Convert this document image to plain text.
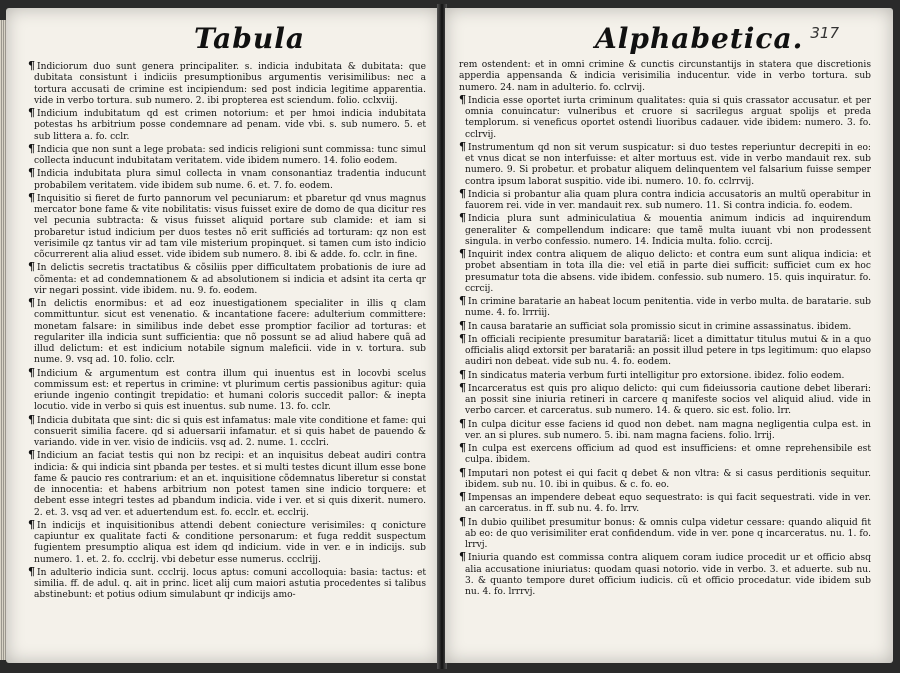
Tabula

¶ Indiciorum duo sunt genera principaliter. s. indicia indubitata & dubitata: que dubitata consistunt i indiciis presumptionibus argumentis verisimilibus: nec a tortura accusati de crimine est incipiendum: sed post indicia legitime apparentia. vide in verbo tortura. sub numero. 2. ibi propterea est sciendum. folio. cclxviij.

¶ Indicium indubitatum qd est crimen notorium: et per hmoi indicia indubitata potestas hs arbitrium posse condemnare ad penam. vide vbi. s. sub numero. 5. et sub littera a. fo. cclr.

¶ Indicia que non sunt a lege probata: sed indicis religioni sunt commissa: tunc simul collecta inducunt indubitatam veritatem. vide ibidem numero. 14. folio eodem.

¶ Indicia indubitata plura simul collecta in vnam consonantiaz tradentia inducunt probabilem veritatem. vide ibidem sub nume. 6. et. 7. fo. eodem.

¶ Inquisitio si fieret de furto pannorum vel pecuniarum: et pbaretur qd vnus magnus mercator bone fame & vite nobilitatis: visus fuisset exire de domo de qua dicitur res vel pecunia subtracta: & visus fuisset aliquid portare sub clamide: et iam si probaretur istud indicium per duos testes nõ erit sufficiés ad torturam: qz non est verisimile qz tantus vir ad tam vile misterium propinquet. si tamen cum isto indicio cõcurrerent alia aliud esset. vide ibidem sub numero. 8. ibi & adde. fo. cclr. in fine.

¶ In delictis secretis tractatibus & cõsiliis pper difficultatem probationis de iure ad cõmenta: et ad condemnationem & ad absolutionem si indicia et adsint ita certa qr vir negari possint. vide ibidem. nu. 9. fo. eodem.

¶ In delictis enormibus: et ad eoz inuestigationem specialiter in illis q clam committuntur. sicut est venenatio. & incantatione facere: adulterium committere: monetam falsare: in similibus inde debet esse promptior facilior ad torturas: et regulariter illa indicia sunt sufficientia: que nõ possunt se ad aliud habere quã ad illud delictum: et est indicium notabile signum maleficii. vide in v. tortura. sub nume. 9. vsq ad. 10. folio. cclr.

¶ Indicium & argumentum est contra illum qui inuentus est in locovbi scelus commissum est: et repertus in crimine: vt plurimum certis passionibus agitur: quia eriunde ingenio contingit trepidatio: et humani coloris succedit pallor: & inepta locutio. vide in verbo si quis est inuentus. sub nume. 13. fo. cclr.

¶ Indicia dubitata que sint: dic si quis est infamatus: male vite conditione et fame: qui consuerit similia facere. qd si aduersarii infamatur. et si quis habet de pauendo & variando. vide in ver. visio de indiciis. vsq ad. 2. nume. 1. ccclri.

¶ Indicium an faciat testis qui non bz recipi: et an inquisitus debeat audiri contra indicia: & qui indicia sint pbanda per testes. et si multi testes dicunt illum esse bone fame & paucio res contrarium: et an et. inquisitione cõdemnatus liberetur si constat de innocentia: et habens arbitrium non potest tamen sine indicio torquere: et debent esse integri testes ad pbandum indicia. vide i ver. et si quis dixerit. numero. 2. et. 3. vsq ad ver. et aduertendum est. fo. ecclr. et. ecclrij.

¶ In indicijs et inquisitionibus attendi debent coniecture verisimiles: q conicture capiuntur ex qualitate facti & conditione personarum: et fuga reddit suspectum fugientem presumptio aliqua est idem qd indicium. vide in ver. e in indicijs. sub numero. 1. et. 2. fo. ccclrij. vbi debetur esse numerus. ccclrijj.

¶ In adulterio indicia sunt. ccclrij. locus aptus: comuni accolloquia: basia: tactus: et similia. ff. de adul. q. ait in princ. licet alij cum maiori astutia procedentes si talibus abstinebunt: et potius odium simulabunt qr indicijs amo-

Alphabetica. 317

rem ostendent: et in omni crimine & cunctis circunstantijs in statera que discretionis apperdia appensanda & indicia verisimilia inducentur. vide in verbo tortura. sub numero. 24. nam in adulterio. fo. cclrvij.

¶ Indicia esse oportet iurta criminum qualitates: quia si quis crassator accusatur. et per omnia conuincatur: vulneribus et cruore si sacrilegus arguat spolijs et preda templorum. si veneficus oportet ostendi liuoribus cadauer. vide ibidem: numero. 3. fo. cclrvij.

¶ Instrumentum qd non sit verum suspicatur: si duo testes reperiuntur decrepiti in eo: et vnus dicat se non interfuisse: et alter mortuus est. vide in verbo mandauit rex. sub numero. 9. Si probetur. et probatur aliquem delinquentem vel falsarium fuisse semper contra ipsum laborat suspitio. vide ibi. numero. 10. fo. cclrrvij.

¶ Indicia si probantur alia quam plura contra indicia accusatoris an multũ operabitur in fauorem rei. vide in ver. mandauit rex. sub numero. 11. Si contra indicia. fo. eodem.

¶ Indicia plura sunt adminiculatiua & mouentia animum indicis ad inquirendum generaliter & compellendum indicare: que tamẽ multa iuuant vbi non prodessent singula. in verbo confessio. numero. 14. Indicia multa. folio. ccrcij.

¶ Inquirit index contra aliquem de aliquo delicto: et contra eum sunt aliqua indicia: et probet absentiam in tota illa die: vel etiã in parte diei sufficit: sufficiet cum ex hoc presumatur tota die absens. vide ibidem. confessio. sub numero. 15. quis inquiratur. fo. ccrcij.

¶ In crimine baratarie an habeat locum penitentia. vide in verbo multa. de baratarie. sub nume. 4. fo. lrrriij.

¶ In causa baratarie an sufficiat sola promissio sicut in crimine assassinatus. ibidem.

¶ In officiali recipiente presumitur baratariã: licet a dimittatur titulus mutui & in a quo officialis aliqd extorsit per baratariã: an possit illud petere in tps legitimum: quo elapso audiri non debeat. vide sub nu. 4. fo. eodem.

¶ In sindicatus materia verbum furti intelligitur pro extorsione. ibidez. folio eodem.

¶ Incarceratus est quis pro aliquo delicto: qui cum fideiussoria cautione debet liberari: an possit sine iniuria retineri in carcere q manifeste socios vel aliquid aliud. vide in verbo carcer. et carceratus. sub numero. 14. & quero. sic est. folio. lrr.

¶ In culpa dicitur esse faciens id quod non debet. nam magna negligentia culpa est. in ver. an si plures. sub numero. 5. ibi. nam magna faciens. folio. lrrij.

¶ In culpa est exercens officium ad quod est insufficiens: et omne reprehensibile est culpa. ibidem.

¶ Imputari non potest ei qui facit q debet & non vltra: & si casus perditionis sequitur. ibidem. sub nu. 10. ibi in quibus. & c. fo. eo.

¶ Impensas an impendere debeat equo sequestrato: is qui facit sequestrati. vide in ver. an carceratus. in ff. sub nu. 4. fo. lrrv.

¶ In dubio quilibet presumitur bonus: & omnis culpa videtur cessare: quando aliquid fit ab eo: de quo verisimiliter erat confidendum. vide in ver. pone q incarceratus. nu. 1. fo. lrrvj.

¶ Iniuria quando est commissa contra aliquem coram iudice procedit ur et officio absq alia accusatione iniuriatus: quodam quasi notorio. vide in verbo. 3. et aduerte. sub nu. 3. & quanto tempore duret officium iudicis. cũ et officio procedatur. vide ibidem sub nu. 4. fo. lrrrvj.
